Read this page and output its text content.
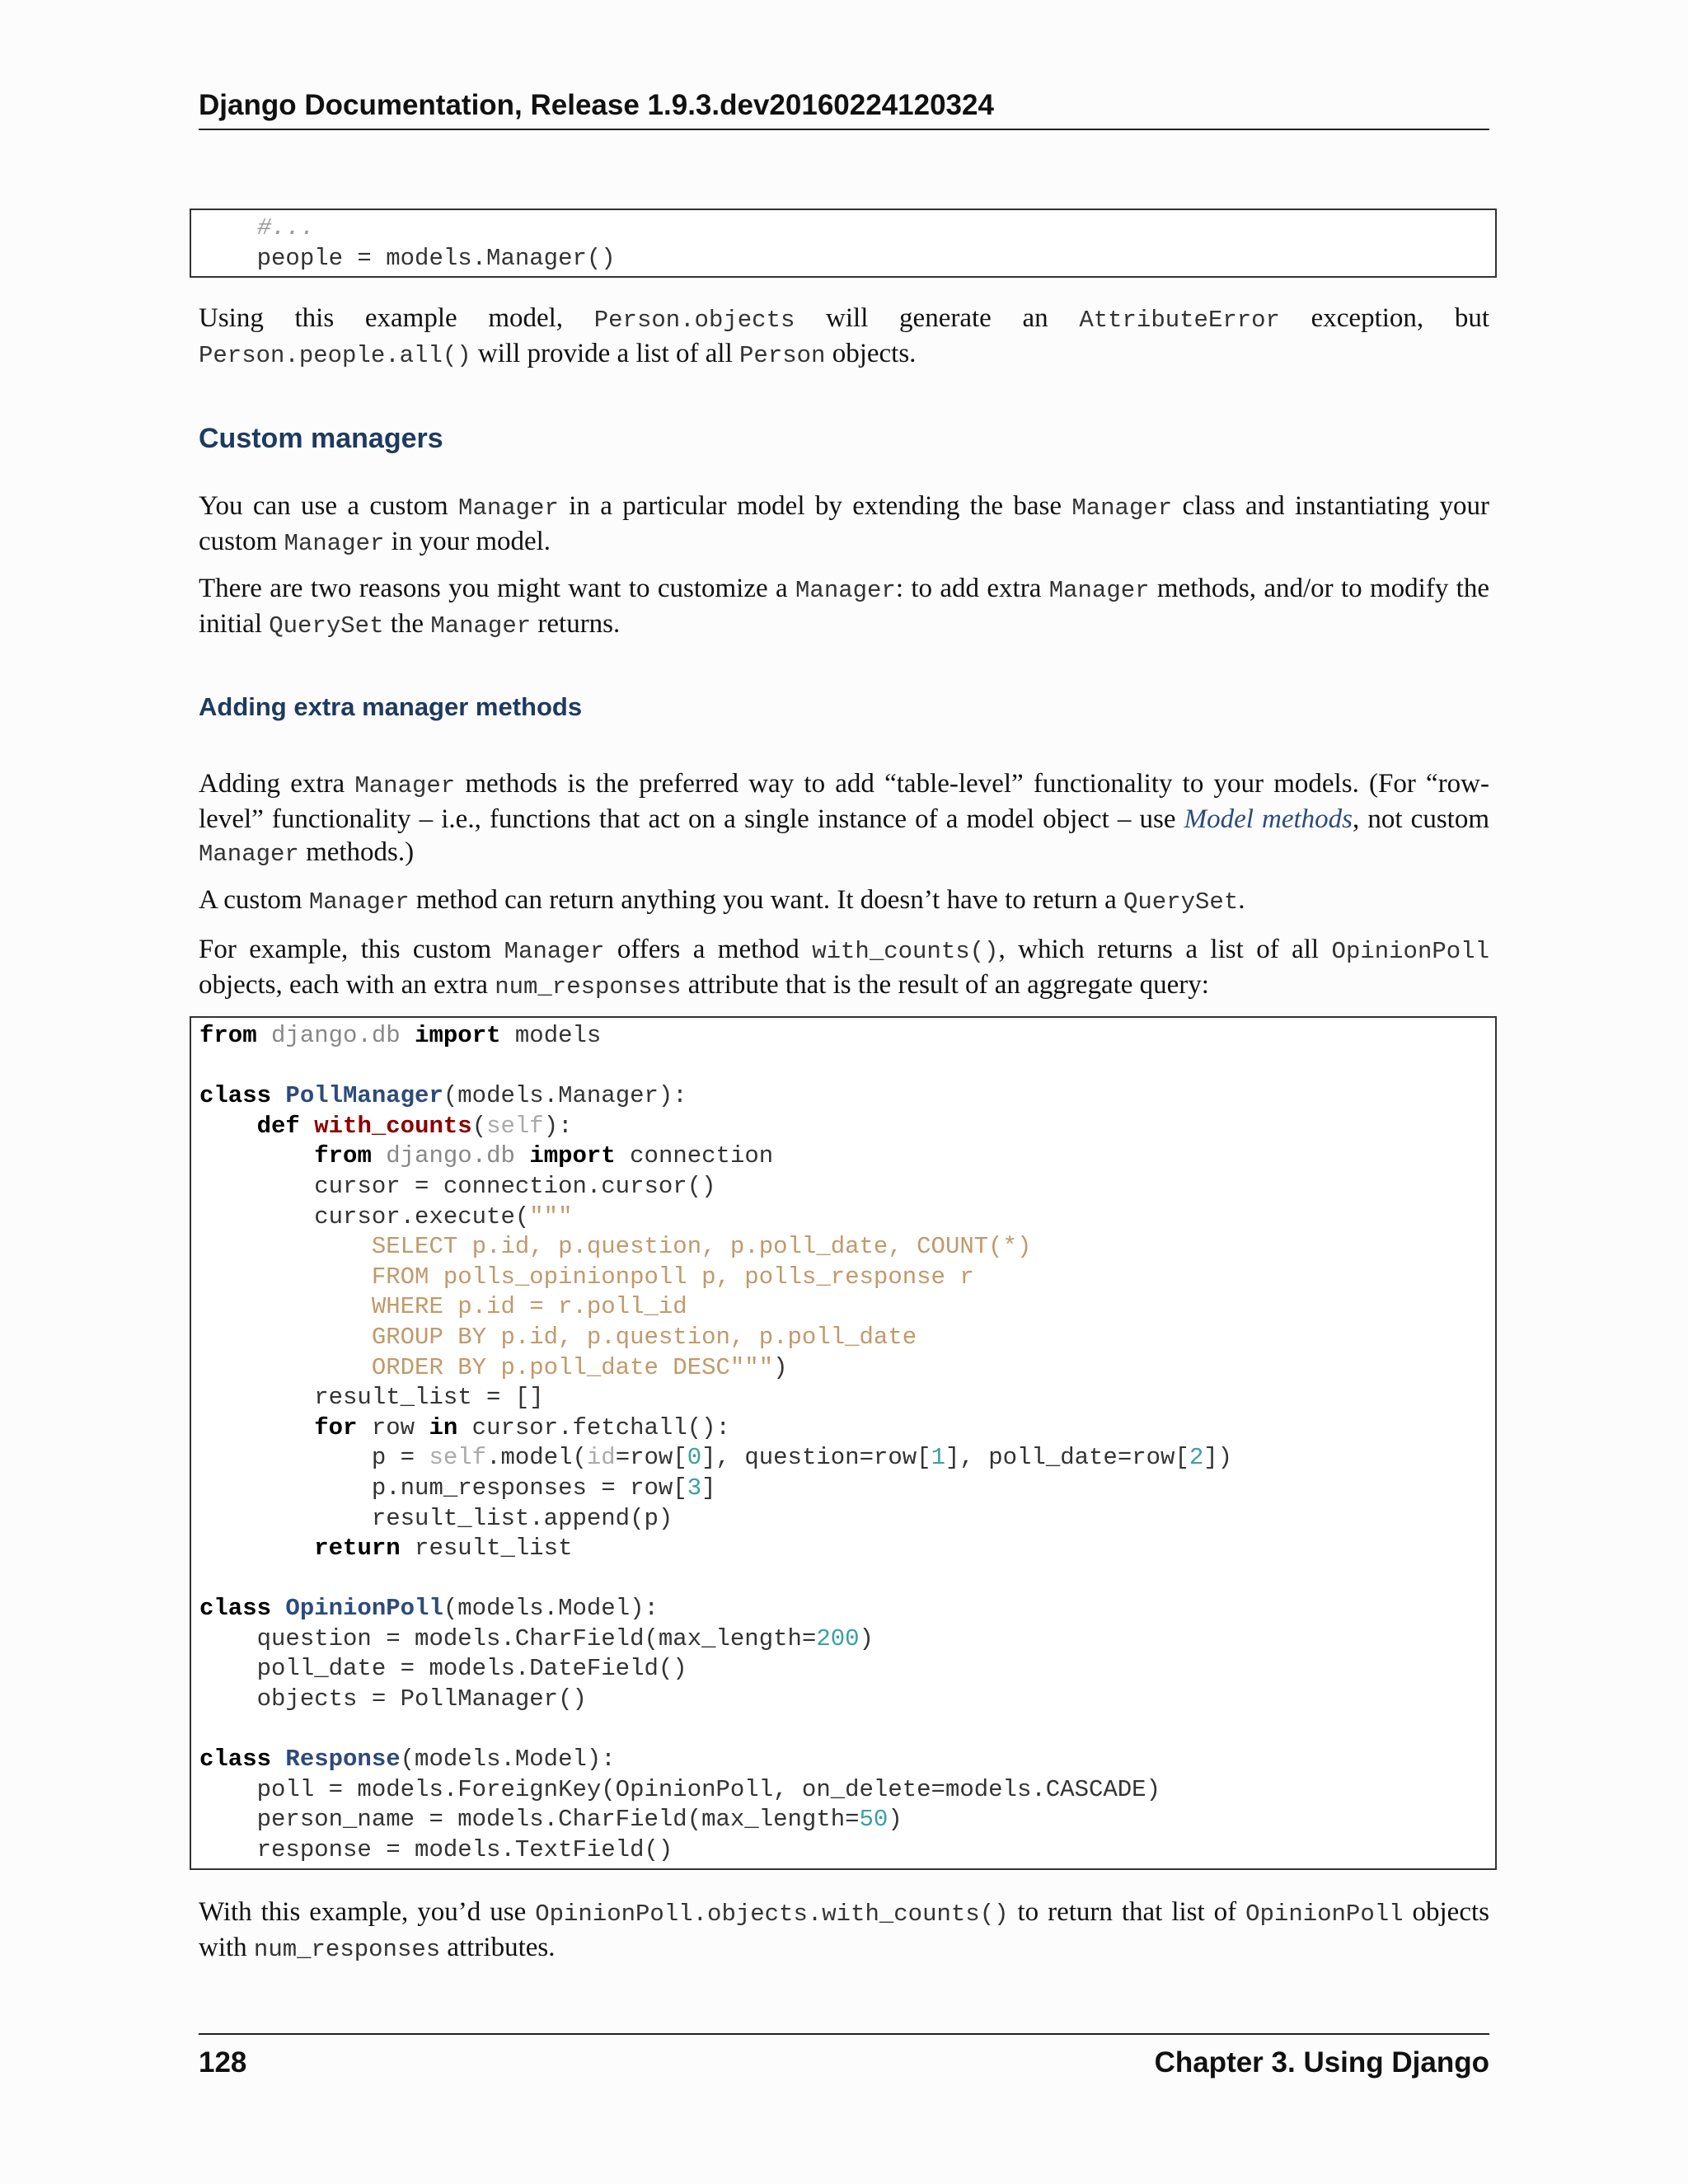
Django Documentation, Release 1.9.3.dev20160224120324
#...
people = models.Manager()

Using this example model, Person.objects will generate an AttributeError exception, but Person.people.all() will provide a list of all Person objects.

Custom managers

You can use a custom Manager in a particular model by extending the base Manager class and instantiating your custom Manager in your model.

There are two reasons you might want to customize a Manager: to add extra Manager methods, and/or to modify the initial QuerySet the Manager returns.

Adding extra manager methods

Adding extra Manager methods is the preferred way to add “table-level” functionality to your models. (For “row-level” functionality – i.e., functions that act on a single instance of a model object – use Model methods, not custom Manager methods.)

A custom Manager method can return anything you want. It doesn’t have to return a QuerySet.

For example, this custom Manager offers a method with_counts(), which returns a list of all OpinionPoll objects, each with an extra num_responses attribute that is the result of an aggregate query:

from django.db import models

class PollManager(models.Manager):
def with_counts(self):
from django.db import connection
cursor = connection.cursor()
cursor.execute("""
SELECT p.id, p.question, p.poll_date, COUNT(*)
FROM polls_opinionpoll p, polls_response r
WHERE p.id = r.poll_id
GROUP BY p.id, p.question, p.poll_date
ORDER BY p.poll_date DESC""")
result_list = []
for row in cursor.fetchall():
p = self.model(id=row[0], question=row[1], poll_date=row[2])
p.num_responses = row[3]
result_list.append(p)
return result_list

class OpinionPoll(models.Model):
question = models.CharField(max_length=200)
poll_date = models.DateField()
objects = PollManager()

class Response(models.Model):
poll = models.ForeignKey(OpinionPoll, on_delete=models.CASCADE)
person_name = models.CharField(max_length=50)
response = models.TextField()

With this example, you’d use OpinionPoll.objects.with_counts() to return that list of OpinionPoll objects with num_responses attributes.

128	Chapter 3. Using Django
